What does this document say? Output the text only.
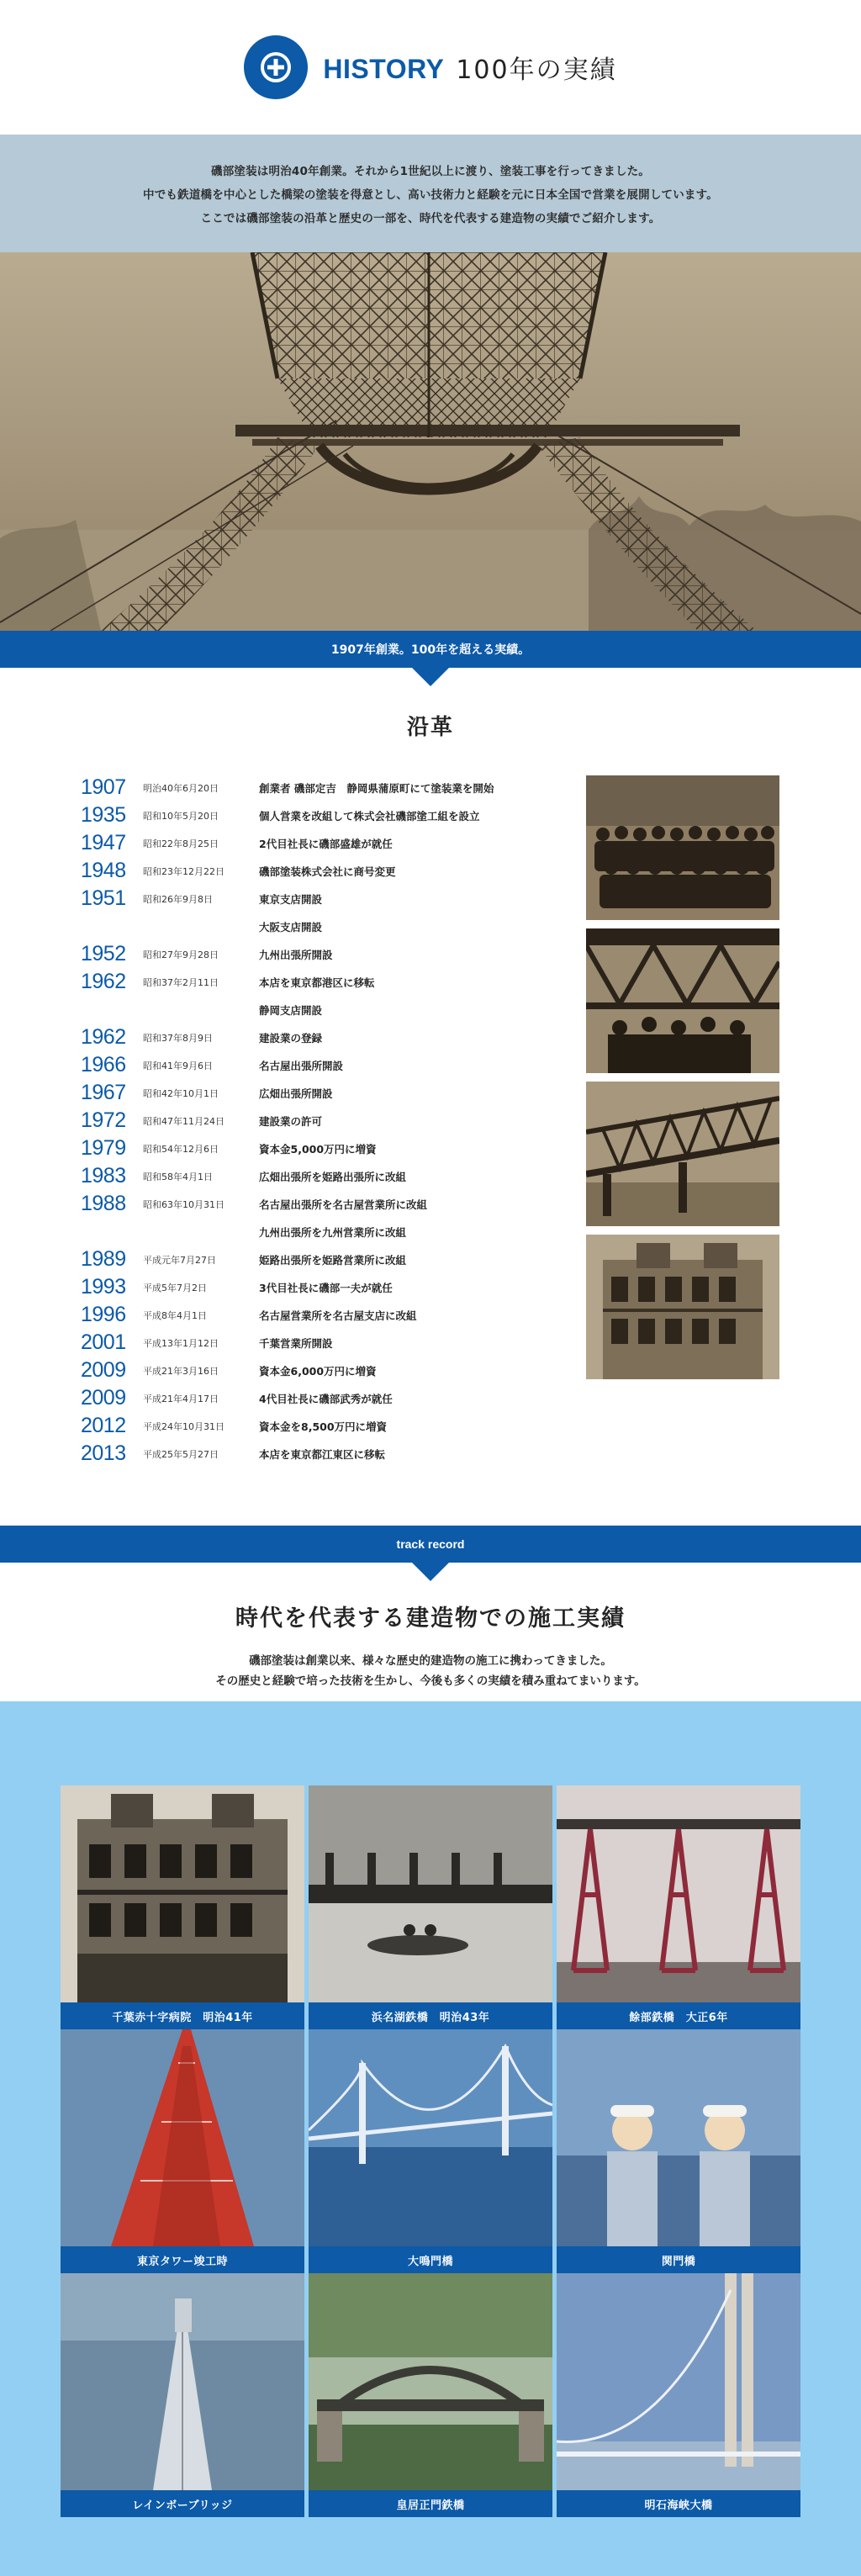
HISTORY 100年の実績

磯部塗装は明治40年創業。それから1世紀以上に渡り、塗装工事を行ってきました。

中でも鉄道橋を中心とした橋梁の塗装を得意とし、高い技術力と経験を元に日本全国で営業を展開しています。

ここでは磯部塗装の沿革と歴史の一部を、時代を代表する建造物の実績でご紹介します。

1907年創業。100年を超える実績。
沿革
1907	明治40年6月20日	創業者 磯部定吉　静岡県蒲原町にて塗装業を開始
1935	昭和10年5月20日	個人営業を改組して株式会社磯部塗工組を設立
1947	昭和22年8月25日	2代目社長に磯部盛雄が就任
1948	昭和23年12月22日	磯部塗装株式会社に商号変更
1951	昭和26年9月8日	東京支店開設
大阪支店開設
1952	昭和27年9月28日	九州出張所開設
1962	昭和37年2月11日	本店を東京都港区に移転
静岡支店開設
1962	昭和37年8月9日	建設業の登録
1966	昭和41年9月6日	名古屋出張所開設
1967	昭和42年10月1日	広畑出張所開設
1972	昭和47年11月24日	建設業の許可
1979	昭和54年12月6日	資本金5,000万円に増資
1983	昭和58年4月1日	広畑出張所を姫路出張所に改組
1988	昭和63年10月31日	名古屋出張所を名古屋営業所に改組
九州出張所を九州営業所に改組
1989	平成元年7月27日	姫路出張所を姫路営業所に改組
1993	平成5年7月2日	3代目社長に磯部一夫が就任
1996	平成8年4月1日	名古屋営業所を名古屋支店に改組
2001	平成13年1月12日	千葉営業所開設
2009	平成21年3月16日	資本金6,000万円に増資
2009	平成21年4月17日	4代目社長に磯部武秀が就任
2012	平成24年10月31日	資本金を8,500万円に増資
2013	平成25年5月27日	本店を東京都江東区に移転
track record
時代を代表する建造物での施工実績

磯部塗装は創業以来、様々な歴史的建造物の施工に携わってきました。
その歴史と経験で培った技術を生かし、今後も多くの実績を積み重ねてまいります。

千葉赤十字病院　明治41年	浜名湖鉄橋　明治43年	餘部鉄橋　大正6年
東京タワー竣工時	大鳴門橋	関門橋
レインボーブリッジ	皇居正門鉄橋	明石海峡大橋
